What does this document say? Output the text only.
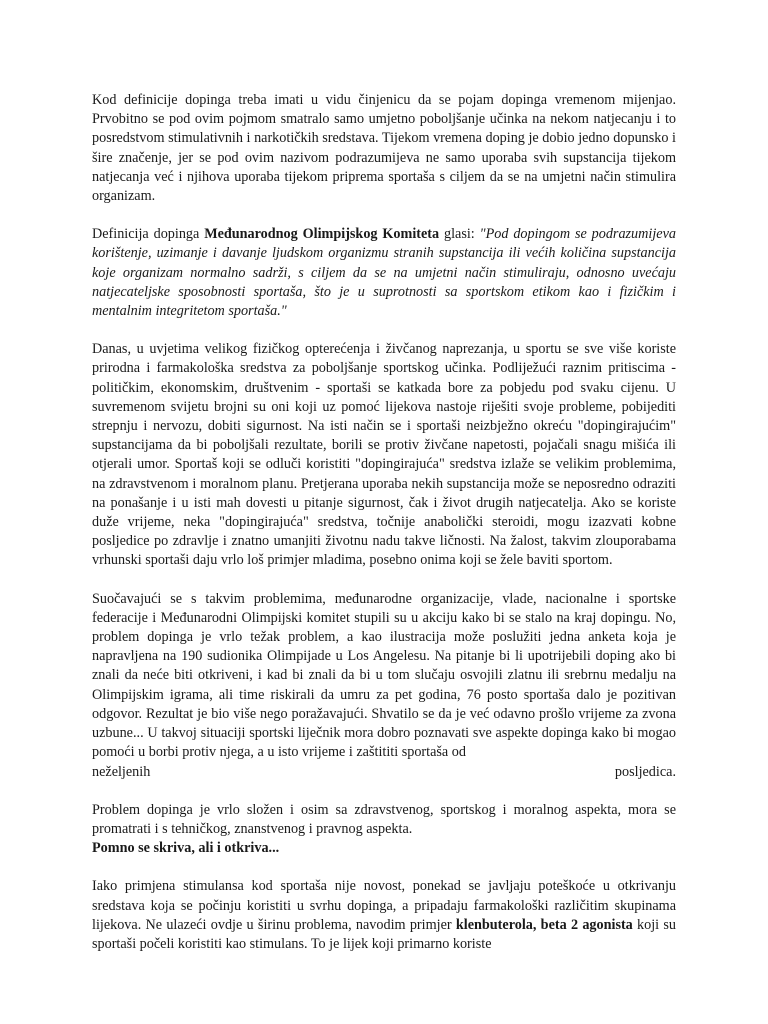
Kod definicije dopinga treba imati u vidu činjenicu da se pojam dopinga vremenom mijenjao. Prvobitno se pod ovim pojmom smatralo samo umjetno poboljšanje učinka na nekom natjecanju i to posredstvom stimulativnih i narkotičkih sredstava. Tijekom vremena doping je dobio jedno dopunsko i šire značenje, jer se pod ovim nazivom podrazumijeva ne samo uporaba svih supstancija tijekom natjecanja već i njihova uporaba tijekom priprema sportaša s ciljem da se na umjetni način stimulira organizam.

Definicija dopinga Međunarodnog Olimpijskog Komiteta glasi: "Pod dopingom se podrazumijeva korištenje, uzimanje i davanje ljudskom organizmu stranih supstancija ili većih količina supstancija koje organizam normalno sadrži, s ciljem da se na umjetni način stimuliraju, odnosno uvećaju natjecateljske sposobnosti sportaša, što je u suprotnosti sa sportskom etikom kao i fizičkim i mentalnim integritetom sportaša."

Danas, u uvjetima velikog fizičkog opterećenja i živčanog naprezanja, u sportu se sve više koriste prirodna i farmakološka sredstva za poboljšanje sportskog učinka. Podliježući raznim pritiscima - političkim, ekonomskim, društvenim - sportaši se katkada bore za pobjedu pod svaku cijenu. U suvremenom svijetu brojni su oni koji uz pomoć lijekova nastoje riješiti svoje probleme, pobijediti strepnju i nervozu, dobiti sigurnost. Na isti način se i sportaši neizbježno okreću "dopingirajućim" supstancijama da bi poboljšali rezultate, borili se protiv živčane napetosti, pojačali snagu mišića ili otjerali umor. Sportaš koji se odluči koristiti "dopingirajuća" sredstva izlaže se velikim problemima, na zdravstvenom i moralnom planu. Pretjerana uporaba nekih supstancija može se neposredno odraziti na ponašanje i u isti mah dovesti u pitanje sigurnost, čak i život drugih natjecatelja. Ako se koriste duže vrijeme, neka "dopingirajuća" sredstva, točnije anabolički steroidi, mogu izazvati kobne posljedice po zdravlje i znatno umanjiti životnu nadu takve ličnosti. Na žalost, takvim zlouporabama vrhunski sportaši daju vrlo loš primjer mladima, posebno onima koji se žele baviti sportom.

Suočavajući se s takvim problemima, međunarodne organizacije, vlade, nacionalne i sportske federacije i Međunarodni Olimpijski komitet stupili su u akciju kako bi se stalo na kraj dopingu. No, problem dopinga je vrlo težak problem, a kao ilustracija može poslužiti jedna anketa koja je napravljena na 190 sudionika Olimpijade u Los Angelesu. Na pitanje bi li upotrijebili doping ako bi znali da neće biti otkriveni, i kad bi znali da bi u tom slučaju osvojili zlatnu ili srebrnu medalju na Olimpijskim igrama, ali time riskirali da umru za pet godina, 76 posto sportaša dalo je pozitivan odgovor. Rezultat je bio više nego poražavajući. Shvatilo se da je već odavno prošlo vrijeme za zvona uzbune... U takvoj situaciji sportski liječnik mora dobro poznavati sve aspekte dopinga kako bi mogao pomoći u borbi protiv njega, a u isto vrijeme i zaštititi sportaša od
neželjenih posljedica.

Problem dopinga je vrlo složen i osim sa zdravstvenog, sportskog i moralnog aspekta, mora se promatrati i s tehničkog, znanstvenog i pravnog aspekta.

Pomno se skriva, ali i otkriva...

Iako primjena stimulansa kod sportaša nije novost, ponekad se javljaju poteškoće u otkrivanju sredstava koja se počinju koristiti u svrhu dopinga, a pripadaju farmakološki različitim skupinama lijekova. Ne ulazeći ovdje u širinu problema, navodim primjer klenbuterola, beta 2 agonista koji su sportaši počeli koristiti kao stimulans. To je lijek koji primarno koriste
